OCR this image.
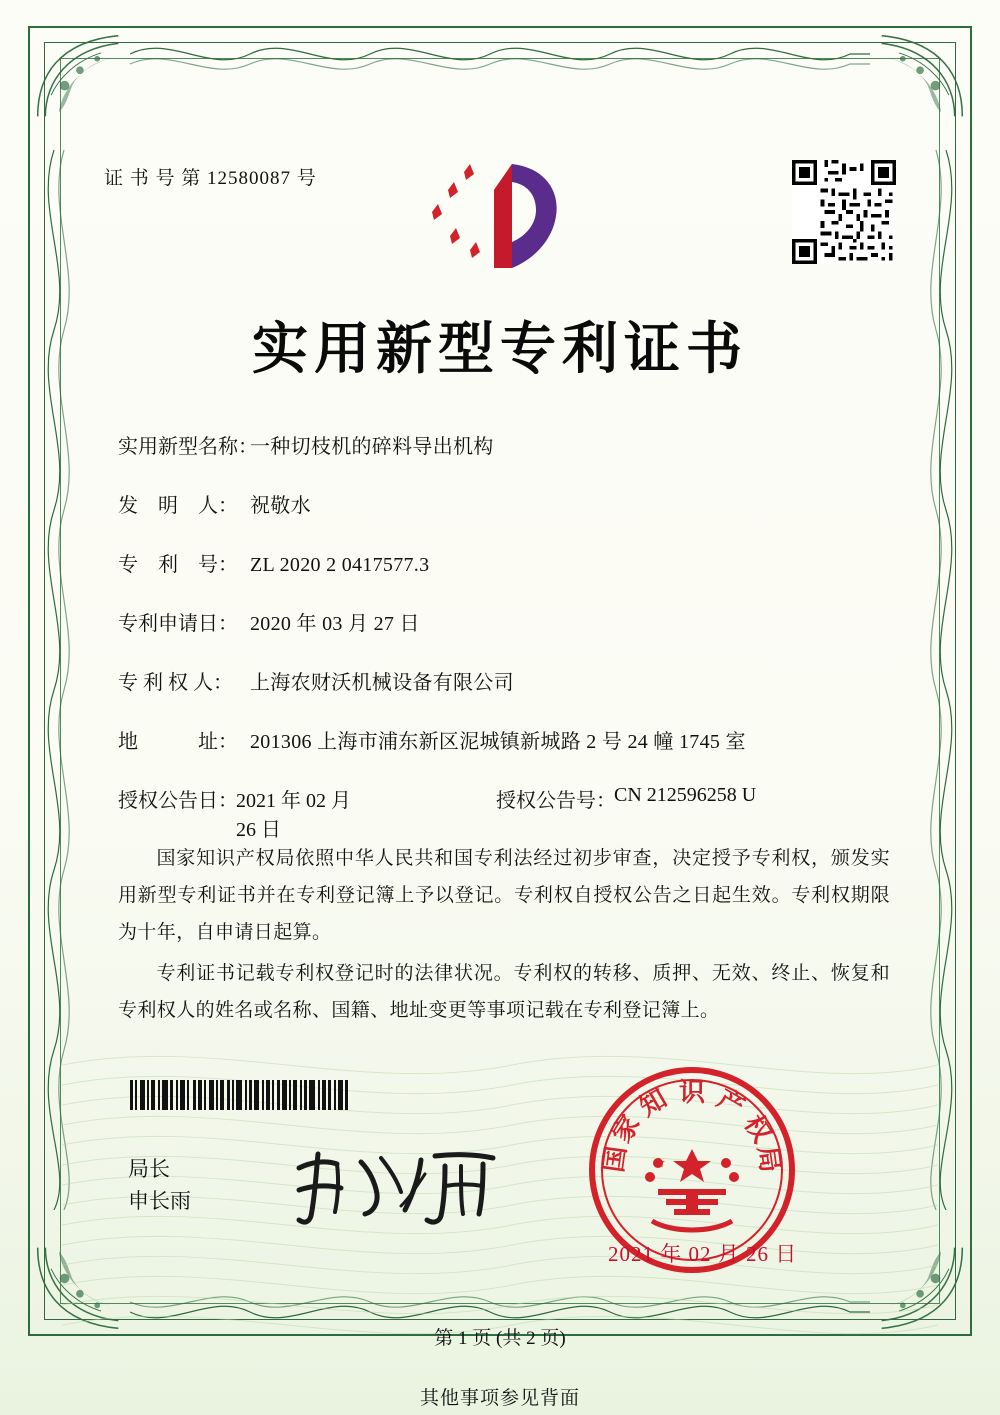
证 书 号 第 12580087 号
实用新型专利证书
实用新型名称：
一种切枝机的碎料导出机构
发　明　人： 祝敬水
专　利　号： ZL 2020 2 0417577.3
专利申请日： 2020 年 03 月 27 日
专 利 权 人： 上海农财沃机械设备有限公司
地　　　址： 201306 上海市浦东新区泥城镇新城路 2 号 24 幢 1745 室
授权公告日：
2021 年 02 月 26 日
授权公告号：
CN 212596258 U
国家知识产权局依照中华人民共和国专利法经过初步审查，决定授予专利权，颁发实用新型专利证书并在专利登记簿上予以登记。专利权自授权公告之日起生效。专利权期限为十年，自申请日起算。
专利证书记载专利权登记时的法律状况。专利权的转移、质押、无效、终止、恢复和专利权人的姓名或名称、国籍、地址变更等事项记载在专利登记簿上。
局长
申长雨
识
知
家
国
产
权
局
2021 年 02 月 26 日
第 1 页 (共 2 页)
其他事项参见背面
